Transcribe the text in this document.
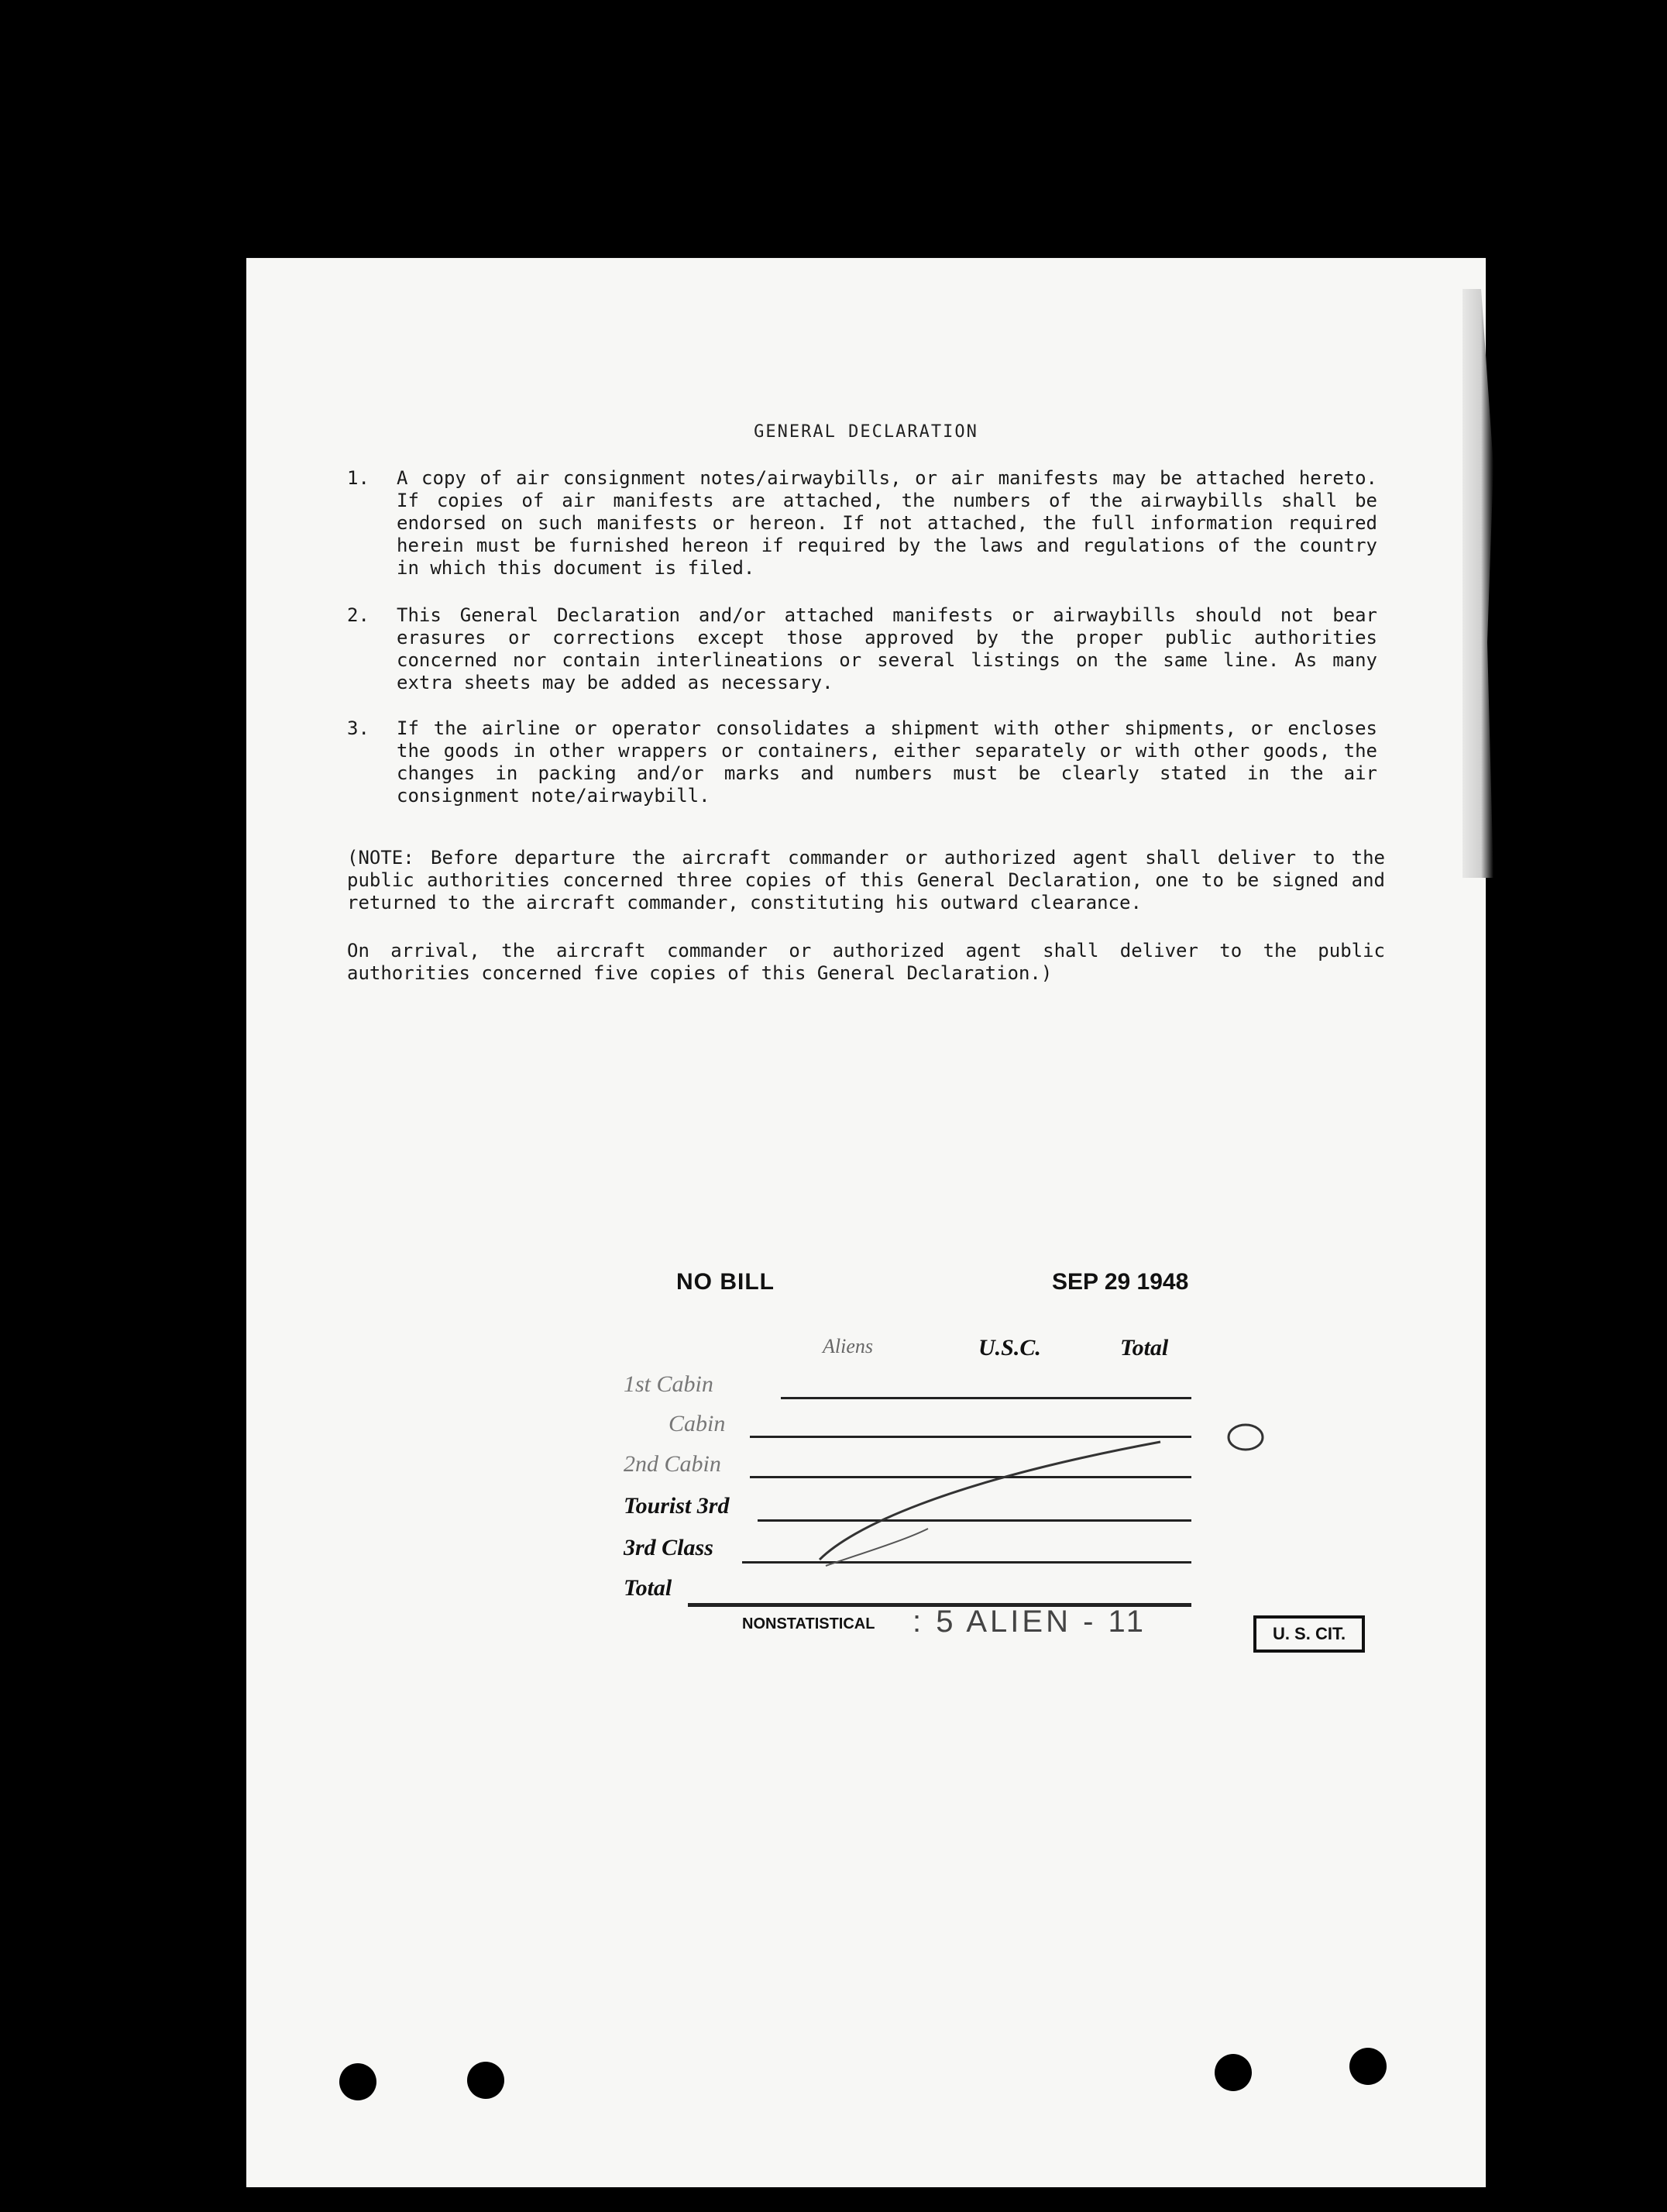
GENERAL DECLARATION
1. A copy of air consignment notes/airwaybills, or air manifests may be attached hereto. If copies of air manifests are attached, the numbers of the airwaybills shall be endorsed on such manifests or hereon. If not attached, the full information required herein must be furnished hereon if required by the laws and regulations of the country in which this document is filed.
2. This General Declaration and/or attached manifests or airwaybills should not bear erasures or corrections except those approved by the proper public authorities concerned nor contain interlineations or several listings on the same line. As many extra sheets may be added as necessary.
3. If the airline or operator consolidates a shipment with other shipments, or encloses the goods in other wrappers or containers, either separately or with other goods, the changes in packing and/or marks and numbers must be clearly stated in the air consignment note/airwaybill.
(NOTE: Before departure the aircraft commander or authorized agent shall deliver to the public authorities concerned three copies of this General Declaration, one to be signed and returned to the aircraft commander, constituting his outward clearance.
On arrival, the aircraft commander or authorized agent shall deliver to the public authorities concerned five copies of this General Declaration.)
NO BILL	SEP 29 1948
Aliens	U.S.C.	Total
1st Cabin
Cabin
2nd Cabin
Tourist 3rd
3rd Class
Total
NONSTATISTICAL : 5 ALIEN - 11	U. S. CIT.
